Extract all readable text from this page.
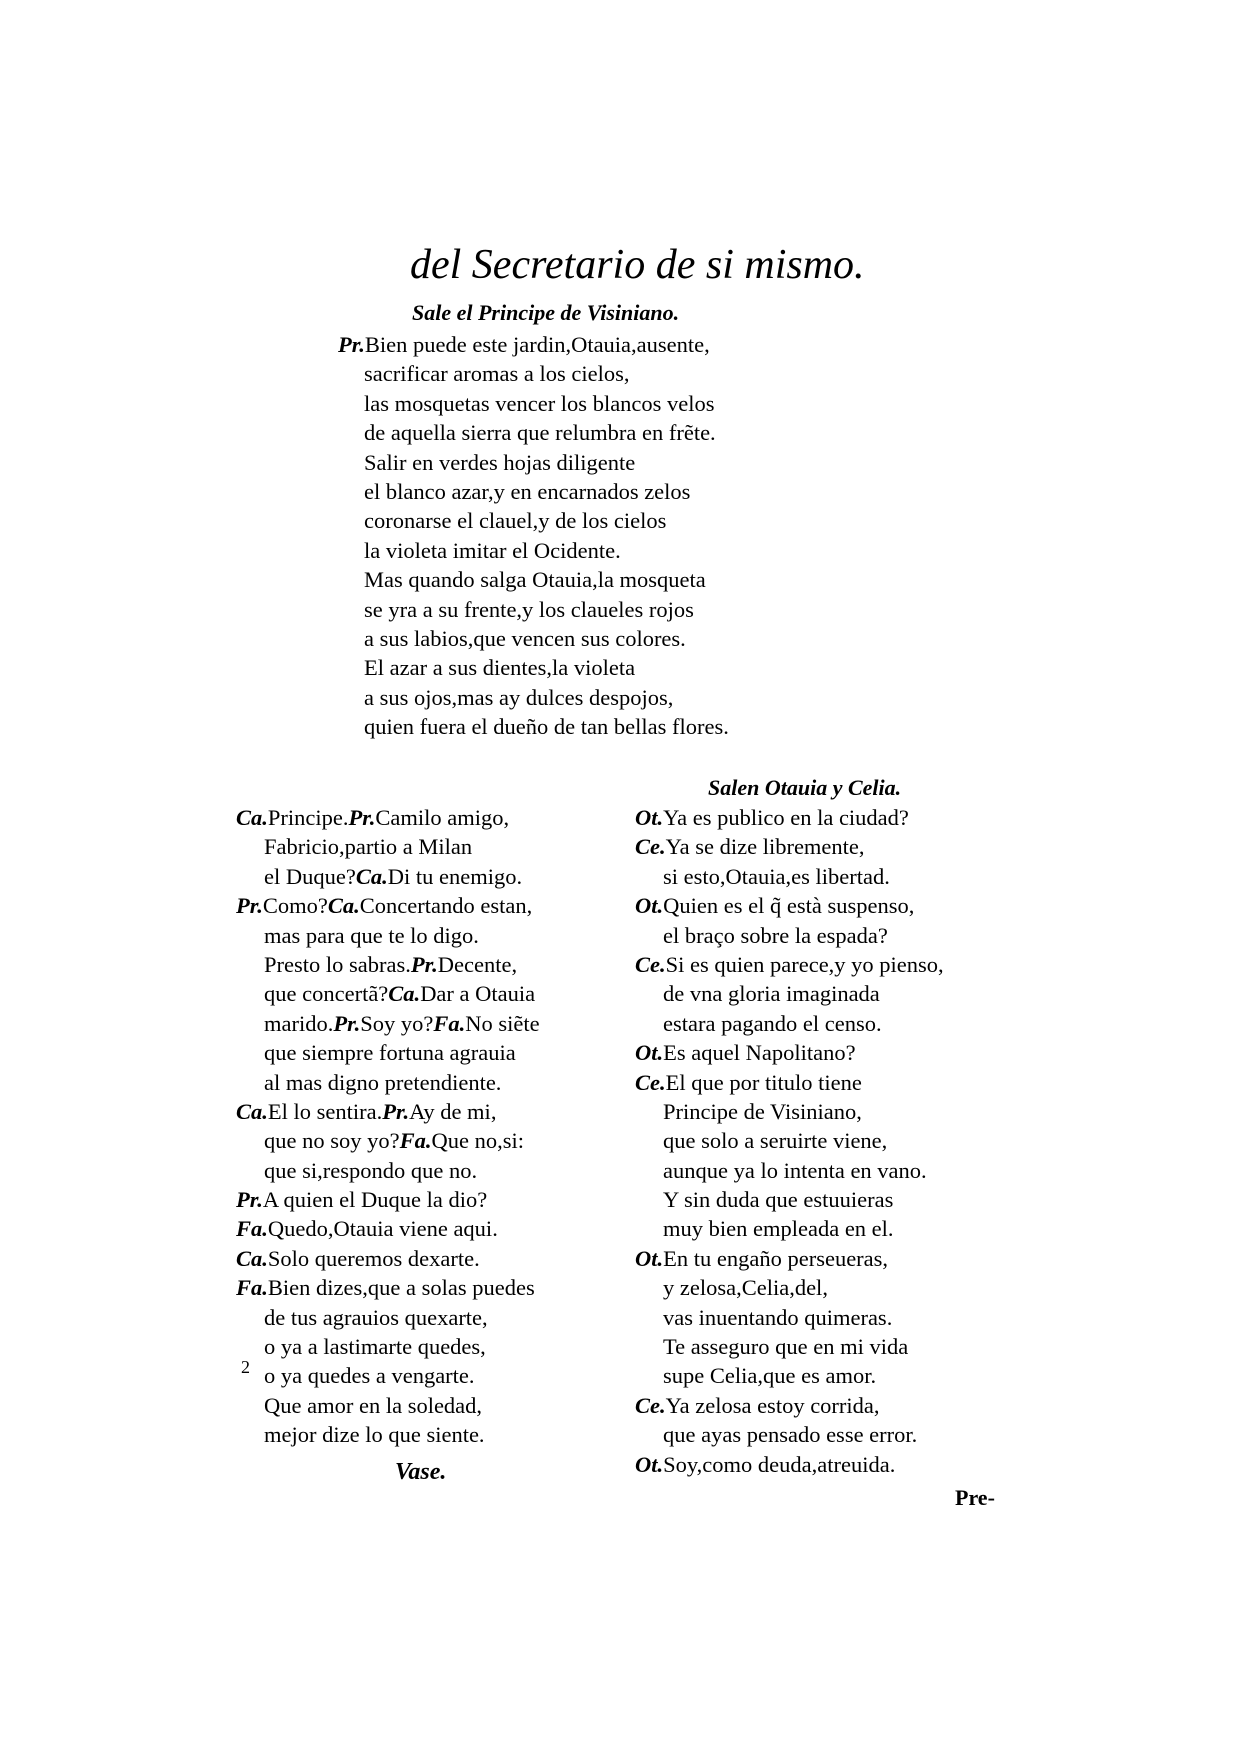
del Secretario de si mismo.
Sale el Principe de Visiniano.
Pr.Bien puede este jardin,Otauia,ausente,
sacrificar aromas a los cielos,
las mosquetas vencer los blancos velos
de aquella sierra que relumbra en frẽte.
Salir en verdes hojas diligente
el blanco azar,y en encarnados zelos
coronarse el clauel,y de los cielos
la violeta imitar el Ocidente.
Mas quando salga Otauia,la mosqueta
se yra a su frente,y los claueles rojos
a sus labios,que vencen sus colores.
El azar a sus dientes,la violeta
a sus ojos,mas ay dulces despojos,
quien fuera el dueño de tan bellas flores.
Salen Otauia y Celia.
Ca.Principe.Pr.Camilo amigo,
Fabricio,partio a Milan
el Duque?Ca.Di tu enemigo.
Pr.Como?Ca.Concertando estan,
mas para que te lo digo.
Presto lo sabras.Pr.Decente,
que concertã?Ca.Dar a Otauia
marido.Pr.Soy yo?Fa.No siẽte
que siempre fortuna agrauia
al mas digno pretendiente.
Ca.El lo sentira.Pr.Ay de mi,
que no soy yo?Fa.Que no,si:
que si,respondo que no.
Pr.A quien el Duque la dio?
Fa.Quedo,Otauia viene aqui.
Ca.Solo queremos dexarte.
Fa.Bien dizes,que a solas puedes
de tus agrauios quexarte,
o ya a lastimarte quedes,
o ya quedes a vengarte.
Que amor en la soledad,
mejor dize lo que siente.
Ot.Ya es publico en la ciudad?
Ce.Ya se dize libremente,
si esto,Otauia,es libertad.
Ot.Quien es el q̃ està suspenso,
el braço sobre la espada?
Ce.Si es quien parece,y yo pienso,
de vna gloria imaginada
estara pagando el censo.
Ot.Es aquel Napolitano?
Ce.El que por titulo tiene
Principe de Visiniano,
que solo a seruirte viene,
aunque ya lo intenta en vano.
Y sin duda que estuuieras
muy bien empleada en el.
Ot.En tu engaño perseueras,
y zelosa,Celia,del,
vas inuentando quimeras.
Te asseguro que en mi vida
supe Celia,que es amor.
Ce.Ya zelosa estoy corrida,
que ayas pensado esse error.
Ot.Soy,como deuda,atreuida.
Vase.
2
Pre-
